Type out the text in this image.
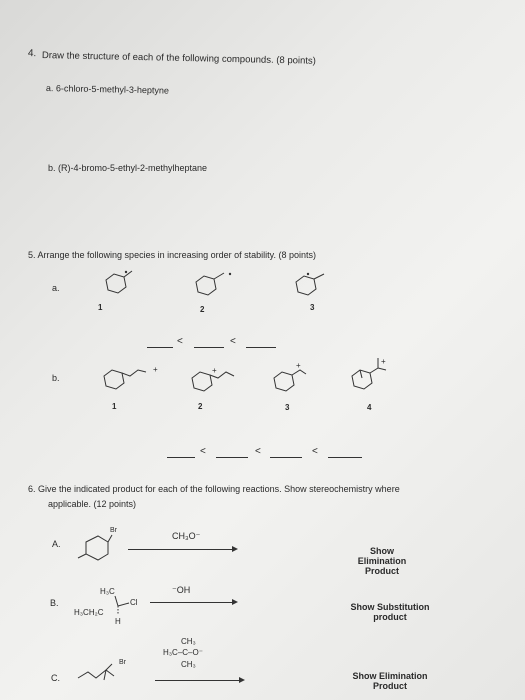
4. Draw the structure of each of the following compounds. (8 points)
a. 6-chloro-5-methyl-3-heptyne
b. (R)-4-bromo-5-ethyl-2-methylheptane
5. Arrange the following species in increasing order of stability. (8 points)
a.
1	2	3
<	<
b.
+	+
+	+
1	2	3	4
<	<	<
6. Give the indicated product for each of the following reactions. Show stereochemistry where
applicable. (12 points)
A.
Br
CH₃O⁻
Show Elimination
Product
B.
H₃C
Cl
H₃CH₂C
H
⁻OH
Show Substitution
product
C.
Br
CH₃
H₃C–C–O⁻
CH₃
Show Elimination
Product
